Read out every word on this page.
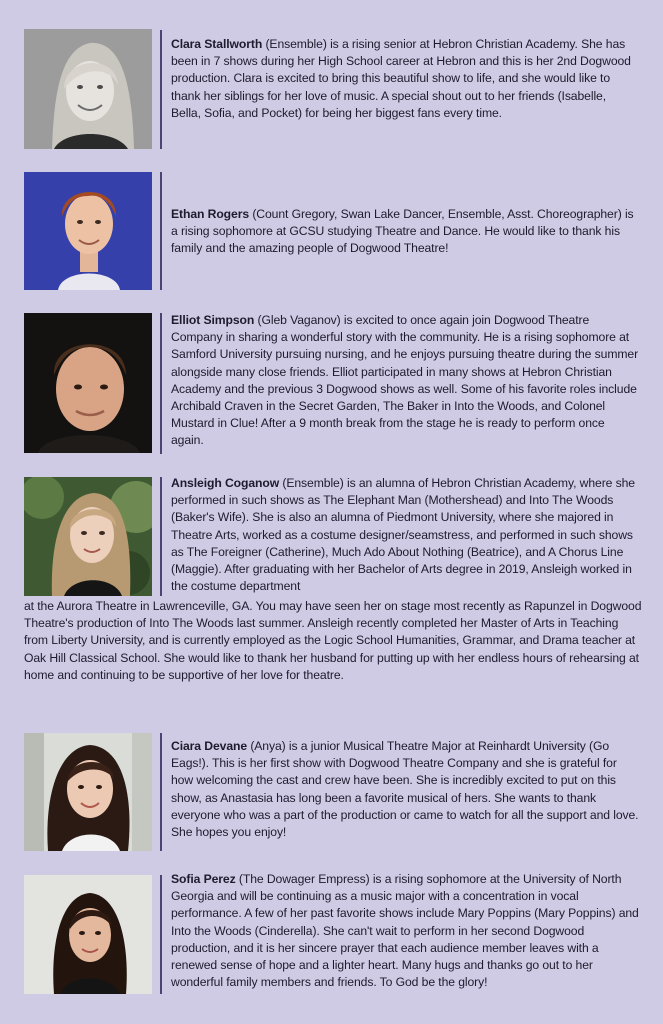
Clara Stallworth (Ensemble) is a rising senior at Hebron Christian Academy. She has been in 7 shows during her High School career at Hebron and this is her 2nd Dogwood production. Clara is excited to bring this beautiful show to life, and she would like to thank her siblings for her love of music. A special shout out to her friends (Isabelle, Bella, Sofia, and Pocket) for being her biggest fans every time.

Ethan Rogers (Count Gregory, Swan Lake Dancer, Ensemble, Asst. Choreographer) is a rising sophomore at GCSU studying Theatre and Dance. He would like to thank his family and the amazing people of Dogwood Theatre!

Elliot Simpson (Gleb Vaganov) is excited to once again join Dogwood Theatre Company in sharing a wonderful story with the community. He is a rising sophomore at Samford University pursuing nursing, and he enjoys pursuing theatre during the summer alongside many close friends. Elliot participated in many shows at Hebron Christian Academy and the previous 3 Dogwood shows as well. Some of his favorite roles include Archibald Craven in the Secret Garden, The Baker in Into the Woods, and Colonel Mustard in Clue! After a 9 month break from the stage he is ready to perform once again.

Ansleigh Coganow (Ensemble) is an alumna of Hebron Christian Academy, where she performed in such shows as The Elephant Man (Mothershead) and Into The Woods (Baker's Wife). She is also an alumna of Piedmont University, where she majored in Theatre Arts, worked as a costume designer/seamstress, and performed in such shows as The Foreigner (Catherine), Much Ado About Nothing (Beatrice), and A Chorus Line (Maggie). After graduating with her Bachelor of Arts degree in 2019, Ansleigh worked in the costume department

at the Aurora Theatre in Lawrenceville, GA. You may have seen her on stage most recently as Rapunzel in Dogwood Theatre's production of Into The Woods last summer. Ansleigh recently completed her Master of Arts in Teaching from Liberty University, and is currently employed as the Logic School Humanities, Grammar, and Drama teacher at Oak Hill Classical School. She would like to thank her husband for putting up with her endless hours of rehearsing at home and continuing to be supportive of her love for theatre.

Ciara Devane (Anya) is a junior Musical Theatre Major at Reinhardt University (Go Eags!). This is her first show with Dogwood Theatre Company and she is grateful for how welcoming the cast and crew have been. She is incredibly excited to put on this show, as Anastasia has long been a favorite musical of hers. She wants to thank everyone who was a part of the production or came to watch for all the support and love. She hopes you enjoy!

Sofia Perez (The Dowager Empress) is a rising sophomore at the University of North Georgia and will be continuing as a music major with a concentration in vocal performance. A few of her past favorite shows include Mary Poppins (Mary Poppins) and Into the Woods (Cinderella). She can't wait to perform in her second Dogwood production, and it is her sincere prayer that each audience member leaves with a renewed sense of hope and a lighter heart. Many hugs and thanks go out to her wonderful family members and friends. To God be the glory!
